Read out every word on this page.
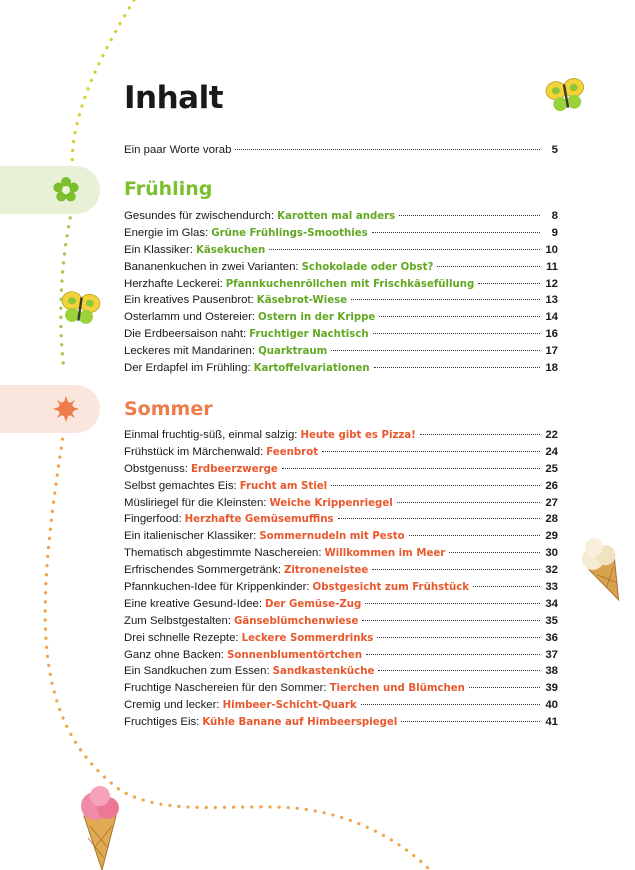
Inhalt
Ein paar Worte vorab	5
Frühling
Gesundes für zwischendurch: Karotten mal anders	8
Energie im Glas: Grüne Frühlings-Smoothies	9
Ein Klassiker: Käsekuchen	10
Bananenkuchen in zwei Varianten: Schokolade oder Obst?	11
Herzhafte Leckerei: Pfannkuchenröllchen mit Frischkäsefüllung	12
Ein kreatives Pausenbrot: Käsebrot-Wiese	13
Osterlamm und Ostereier: Ostern in der Krippe	14
Die Erdbeersaison naht: Fruchtiger Nachtisch	16
Leckeres mit Mandarinen: Quarktraum	17
Der Erdapfel im Frühling: Kartoffelvariationen	18
Sommer
Einmal fruchtig-süß, einmal salzig: Heute gibt es Pizza!	22
Frühstück im Märchenwald: Feenbrot	24
Obstgenuss: Erdbeerzwerge	25
Selbst gemachtes Eis: Frucht am Stiel	26
Müsliriegel für die Kleinsten: Weiche Krippenriegel	27
Fingerfood: Herzhafte Gemüsemuffins	28
Ein italienischer Klassiker: Sommernudeln mit Pesto	29
Thematisch abgestimmte Naschereien: Willkommen im Meer	30
Erfrischendes Sommergetränk: Zitroneneistee	32
Pfannkuchen-Idee für Krippenkinder: Obstgesicht zum Frühstück	33
Eine kreative Gesund-Idee: Der Gemüse-Zug	34
Zum Selbstgestalten: Gänseblümchenwiese	35
Drei schnelle Rezepte: Leckere Sommerdrinks	36
Ganz ohne Backen: Sonnenblumentörtchen	37
Ein Sandkuchen zum Essen: Sandkastenküche	38
Fruchtige Naschereien für den Sommer: Tierchen und Blümchen	39
Cremig und lecker: Himbeer-Schicht-Quark	40
Fruchtiges Eis: Kühle Banane auf Himbeerspiegel	41
